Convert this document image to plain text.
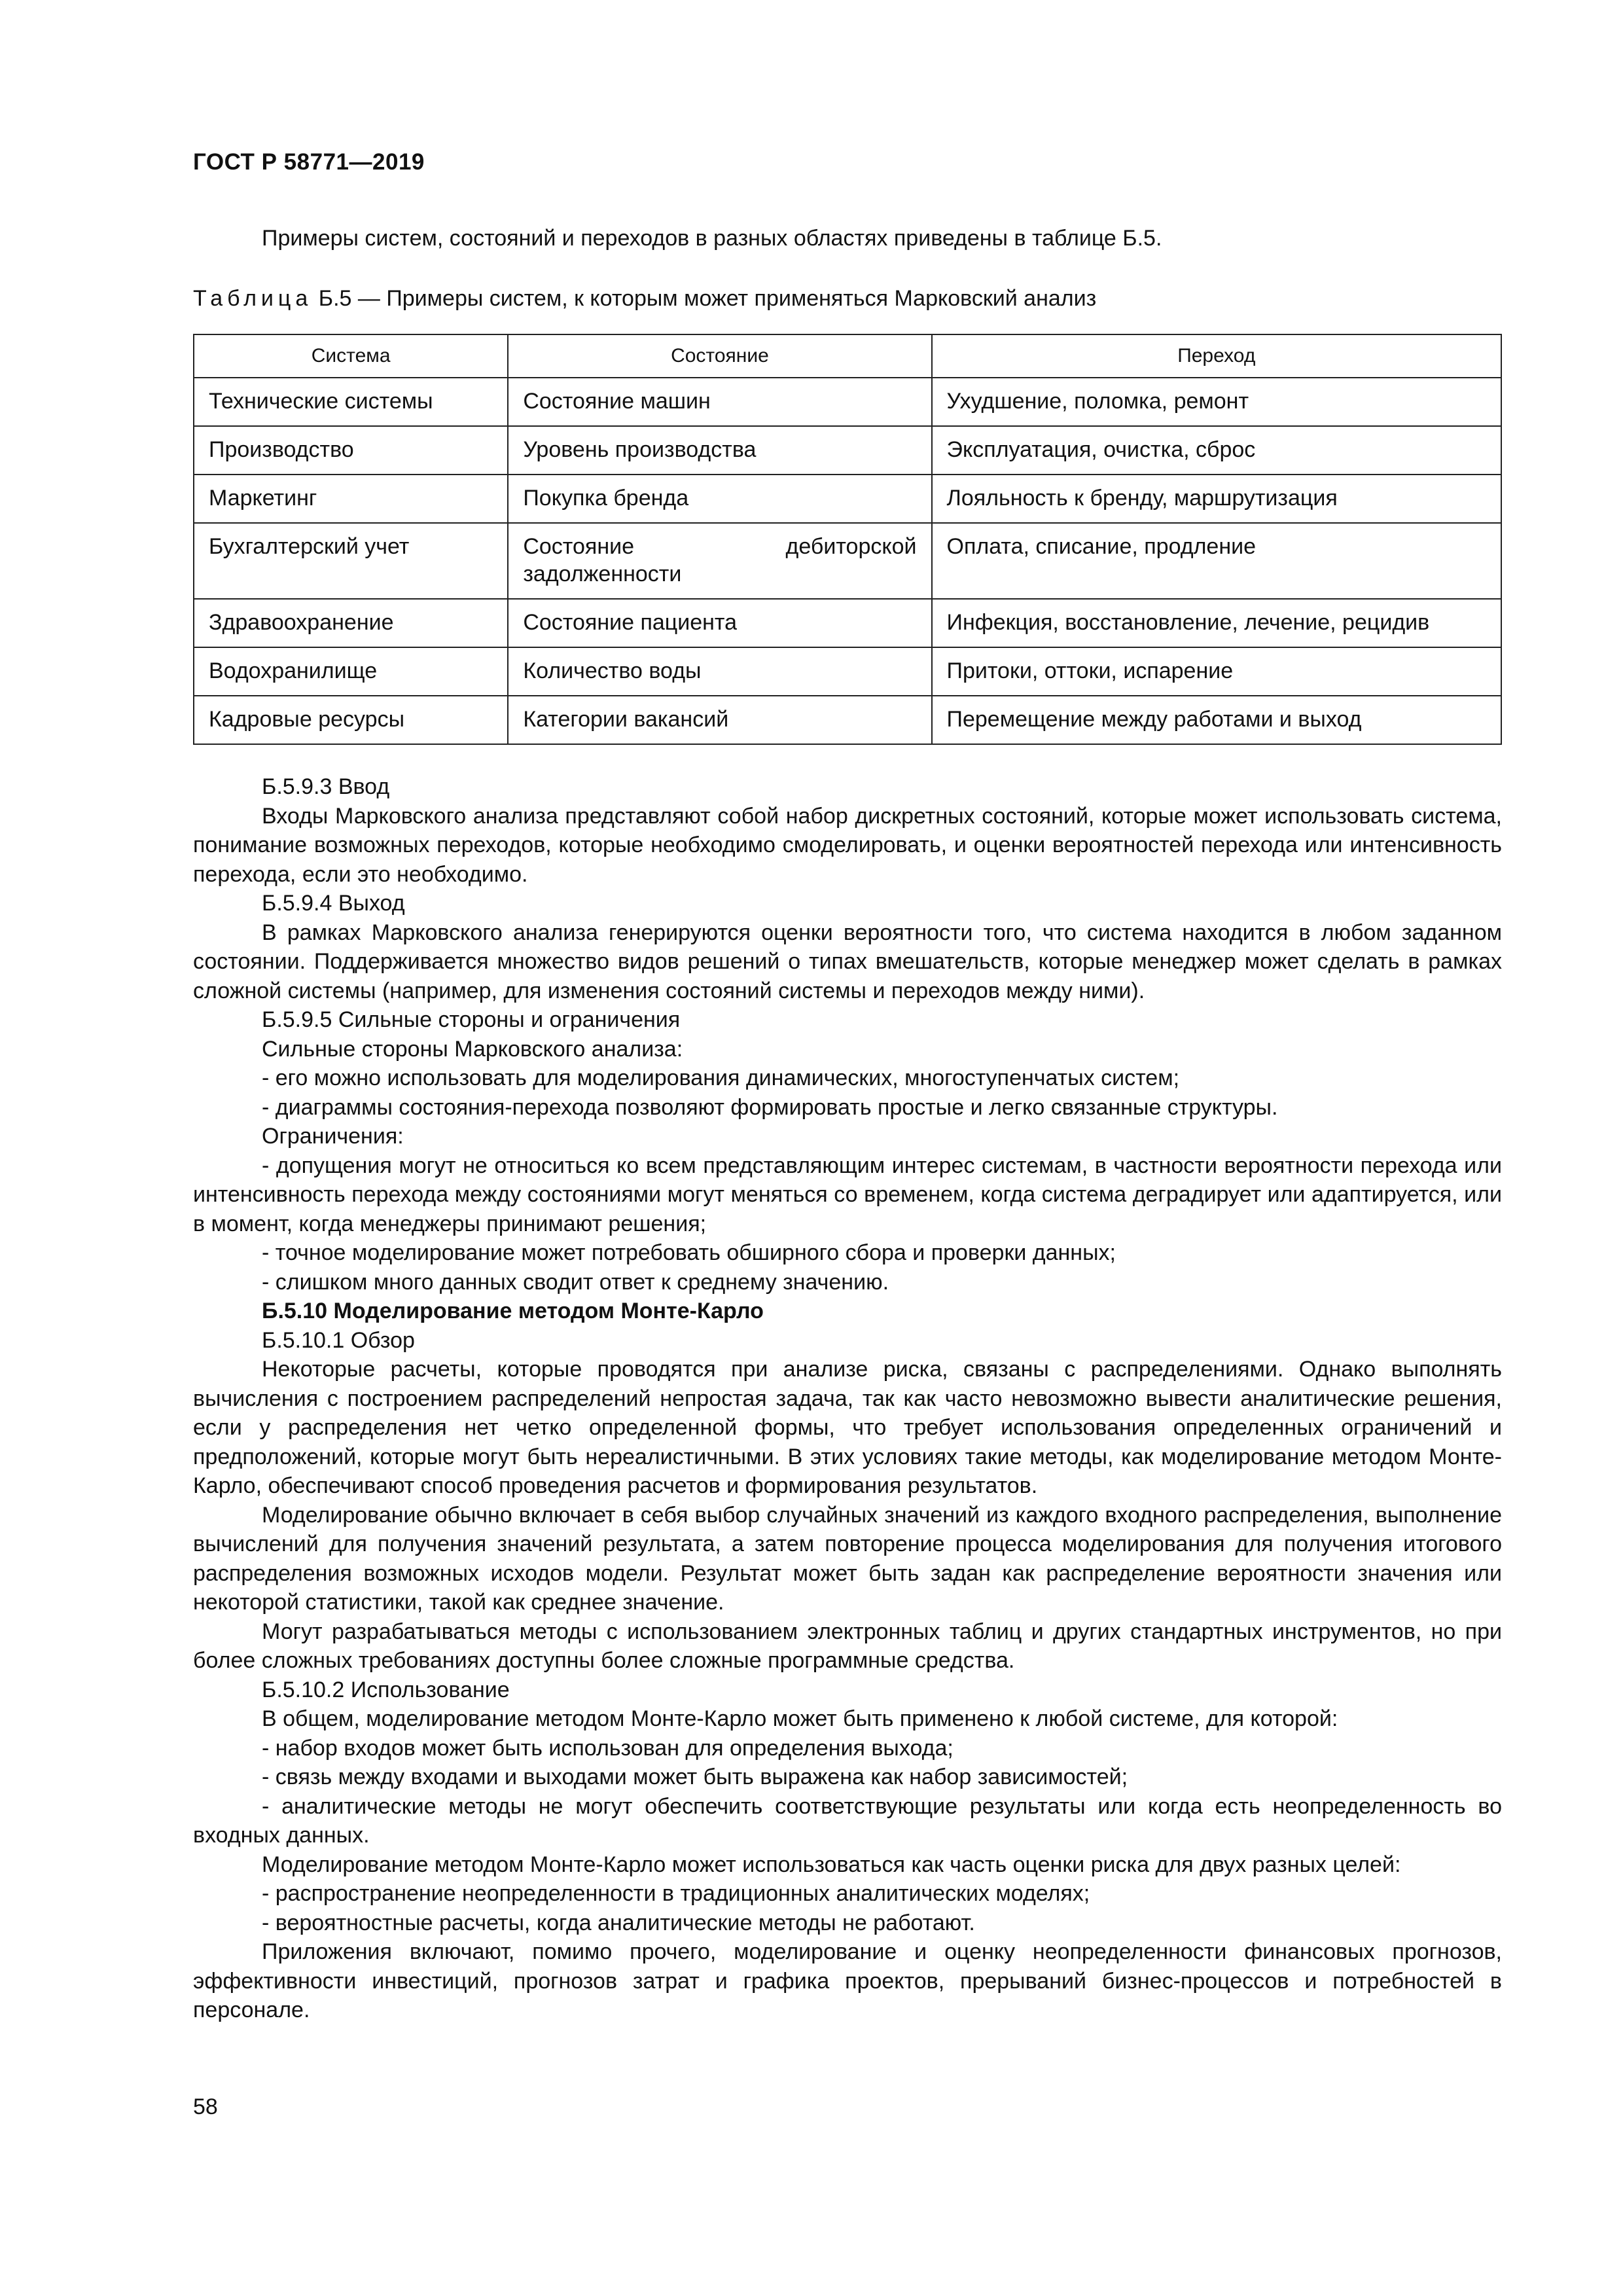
ГОСТ Р 58771—2019

Примеры систем, состояний и переходов в разных областях приведены в таблице Б.5.

Таблица Б.5 — Примеры систем, к которым может применяться Марковский анализ

Система	Состояние	Переход
Технические системы	Состояние машин	Ухудшение, поломка, ремонт
Производство	Уровень производства	Эксплуатация, очистка, сброс
Маркетинг	Покупка бренда	Лояльность к бренду, маршрутизация
Бухгалтерский учет	Состояние дебиторской задолженности	Оплата, списание, продление
Здравоохранение	Состояние пациента	Инфекция, восстановление, лечение, рецидив
Водохранилище	Количество воды	Притоки, оттоки, испарение
Кадровые ресурсы	Категории вакансий	Перемещение между работами и выход

Б.5.9.3 Ввод

Входы Марковского анализа представляют собой набор дискретных состояний, которые может использовать система, понимание возможных переходов, которые необходимо смоделировать, и оценки вероятностей перехода или интенсивность перехода, если это необходимо.

Б.5.9.4 Выход

В рамках Марковского анализа генерируются оценки вероятности того, что система находится в любом заданном состоянии. Поддерживается множество видов решений о типах вмешательств, которые менеджер может сделать в рамках сложной системы (например, для изменения состояний системы и переходов между ними).

Б.5.9.5 Сильные стороны и ограничения

Сильные стороны Марковского анализа:

- его можно использовать для моделирования динамических, многоступенчатых систем;

- диаграммы состояния-перехода позволяют формировать простые и легко связанные структуры.

Ограничения:

- допущения могут не относиться ко всем представляющим интерес системам, в частности вероятности перехода или интенсивность перехода между состояниями могут меняться со временем, когда система деградирует или адаптируется, или в момент, когда менеджеры принимают решения;

- точное моделирование может потребовать обширного сбора и проверки данных;

- слишком много данных сводит ответ к среднему значению.

Б.5.10 Моделирование методом Монте-Карло

Б.5.10.1 Обзор

Некоторые расчеты, которые проводятся при анализе риска, связаны с распределениями. Однако выполнять вычисления с построением распределений непростая задача, так как часто невозможно вывести аналитические решения, если у распределения нет четко определенной формы, что требует использования определенных ограничений и предположений, которые могут быть нереалистичными. В этих условиях такие методы, как моделирование методом Монте-Карло, обеспечивают способ проведения расчетов и формирования результатов.

Моделирование обычно включает в себя выбор случайных значений из каждого входного распределения, выполнение вычислений для получения значений результата, а затем повторение процесса моделирования для получения итогового распределения возможных исходов модели. Результат может быть задан как распределение вероятности значения или некоторой статистики, такой как среднее значение.

Могут разрабатываться методы с использованием электронных таблиц и других стандартных инструментов, но при более сложных требованиях доступны более сложные программные средства.

Б.5.10.2 Использование

В общем, моделирование методом Монте-Карло может быть применено к любой системе, для которой:

- набор входов может быть использован для определения выхода;

- связь между входами и выходами может быть выражена как набор зависимостей;

- аналитические методы не могут обеспечить соответствующие результаты или когда есть неопределенность во входных данных.

Моделирование методом Монте-Карло может использоваться как часть оценки риска для двух разных целей:

- распространение неопределенности в традиционных аналитических моделях;

- вероятностные расчеты, когда аналитические методы не работают.

Приложения включают, помимо прочего, моделирование и оценку неопределенности финансовых прогнозов, эффективности инвестиций, прогнозов затрат и графика проектов, прерываний бизнес-процессов и потребностей в персонале.

58
